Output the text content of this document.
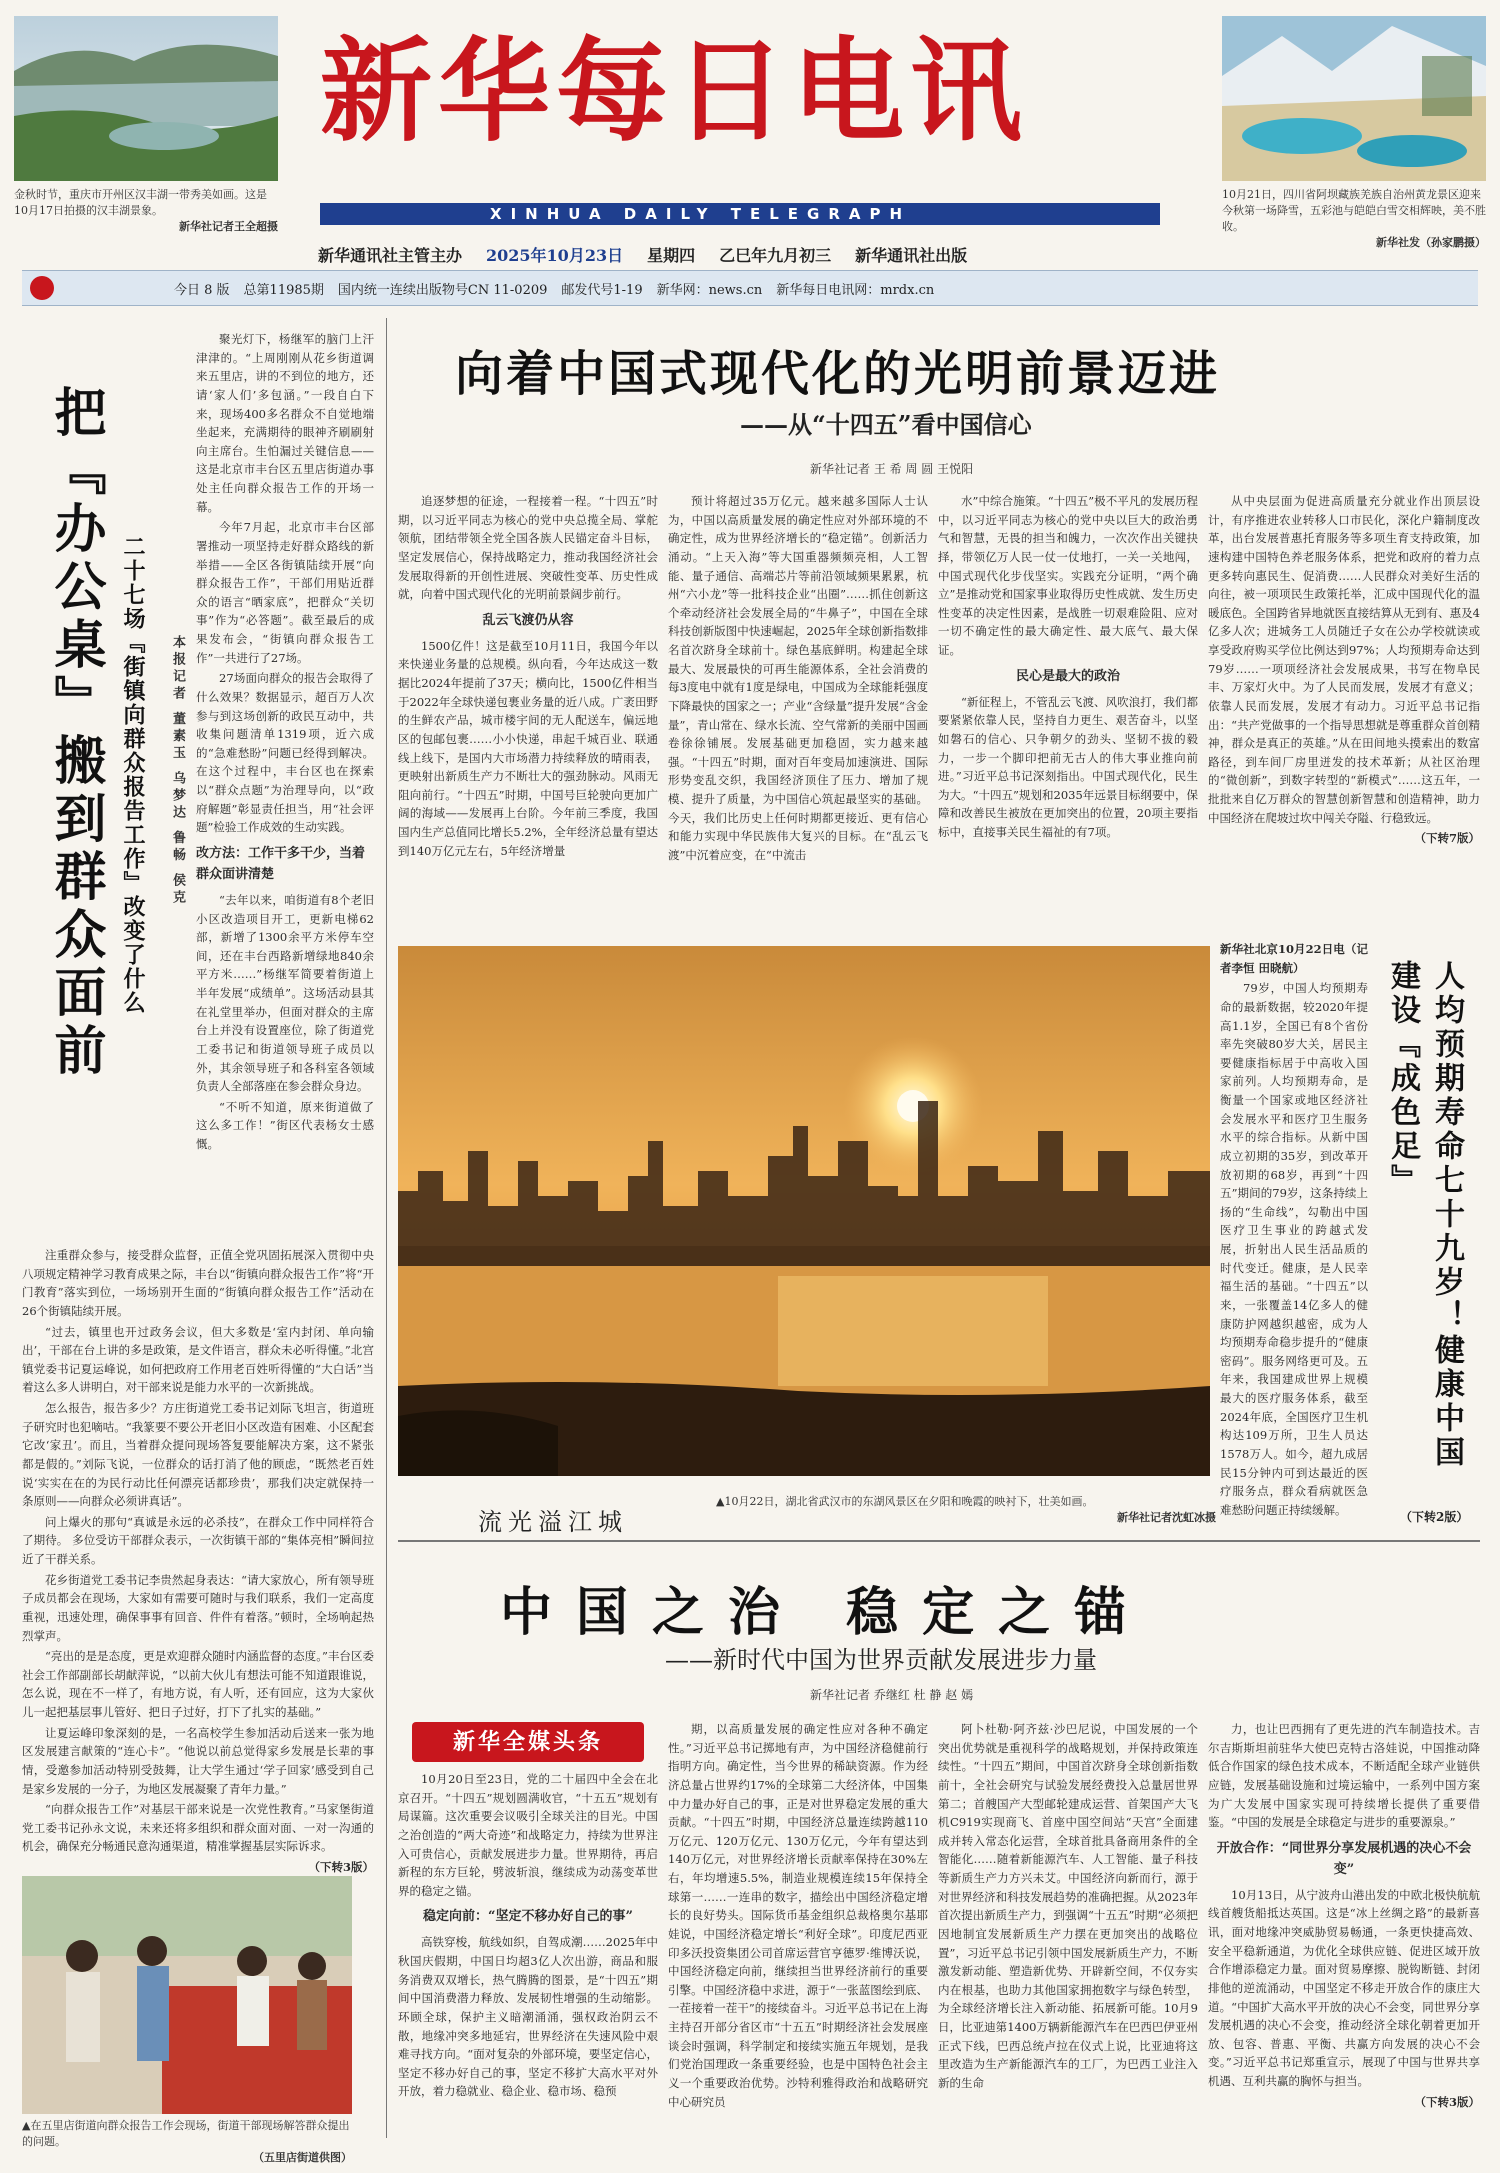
金秋时节，重庆市开州区汉丰湖一带秀美如画。这是10月17日拍摄的汉丰湖景象。
新华社记者王全超摄
10月21日，四川省阿坝藏族羌族自治州黄龙景区迎来今秋第一场降雪，五彩池与皑皑白雪交相辉映，美不胜收。
新华社发（孙家鹏摄）
新华每日电讯
XINHUA DAILY TELEGRAPH
新华通讯社主管主办 2025年10月23日 星期四 乙巳年九月初三 新华通讯社出版
今日 8 版 总第11985期 国内统一连续出版物号CN 11-0209 邮发代号1-19 新华网：news.cn 新华每日电讯网：mrdx.cn
把『办公桌』搬到群众面前 二十七场『街镇向群众报告工作』改变了什么 本报记者 董素玉 乌梦达 鲁畅 侯克

聚光灯下，杨继军的脑门上汗津津的。“上周刚刚从花乡街道调来五里店，讲的不到位的地方，还请‘家人们’多包涵。”一段自白下来，现场400多名群众不自觉地端坐起来，充满期待的眼神齐刷刷射向主席台。生怕漏过关键信息——这是北京市丰台区五里店街道办事处主任向群众报告工作的开场一幕。

今年7月起，北京市丰台区部署推动一项坚持走好群众路线的新举措——全区各街镇陆续开展“向群众报告工作”，干部们用贴近群众的语言“晒家底”，把群众“关切事”作为“必答题”。截至最后的成果发布会，“街镇向群众报告工作”一共进行了27场。

27场面向群众的报告会取得了什么效果？数据显示，超百万人次参与到这场创新的政民互动中，共收集问题清单1319项，近六成的“急难愁盼”问题已经得到解决。在这个过程中，丰台区也在探索以“群众点题”为治理导向，以“政府解题”彰显责任担当，用“社会评题”检验工作成效的生动实践。

改方法：工作干多干少，当着群众面讲清楚

“去年以来，咱街道有8个老旧小区改造项目开工，更新电梯62部，新增了1300余平方米停车空间，还在丰台西路新增绿地840余平方米……”杨继军简要着街道上半年发展“成绩单”。这场活动县其在礼堂里举办，但面对群众的主席台上并没有设置座位，除了街道党工委书记和街道领导班子成员以外，其余领导班子和各科室各领域负责人全部落座在参会群众身边。

“不听不知道，原来街道做了这么多工作！”街区代表杨女士感慨。

注重群众参与，接受群众监督，正值全党巩固拓展深入贯彻中央八项规定精神学习教育成果之际，丰台以“街镇向群众报告工作”将“开门教育”落实到位，一场场别开生面的“街镇向群众报告工作”活动在26个街镇陆续开展。

“过去，镇里也开过政务会议，但大多数是‘室内封闭、单向输出’，干部在台上讲的多是政策，是文件语言，群众未必听得懂。”北宫镇党委书记夏运峰说，如何把政府工作用老百姓听得懂的“大白话”当着这么多人讲明白，对干部来说是能力水平的一次新挑战。

怎么报告，报告多少？方庄街道党工委书记刘际飞坦言，街道班子研究时也犯嘀咕。“我篆要不要公开老旧小区改造有困难、小区配套它改‘家丑’。而且，当着群众提问现场答复要能解决方案，这不紧张都是假的。”刘际飞说，一位群众的话打消了他的顾虑，“既然老百姓说‘实实在在的为民行动比任何漂亮话都珍贵’，那我们决定就保持一条原则——向群众必须讲真话”。

问上爆火的那句“真诚是永远的必杀技”，在群众工作中同样符合了期待。 多位受访干部群众表示，一次街镇干部的“集体亮相”瞬间拉近了干群关系。

花乡街道党工委书记李贵然起身表达：“请大家放心，所有领导班子成员都会在现场，大家如有需要可随时与我们联系，我们一定高度重视，迅速处理，确保事事有回音、件件有着落。”顿时，全场响起热烈掌声。

“亮出的是是态度，更是欢迎群众随时内涵监督的态度。”丰台区委社会工作部副部长胡献萍说，“以前大伙儿有想法可能不知道跟谁说，怎么说，现在不一样了，有地方说，有人听，还有回应，这为大家伙儿一起把基层事儿管好、把日子过好，打下了扎实的基础。”

让夏运峰印象深刻的是，一名高校学生参加活动后送来一张为地区发展建言献策的“连心卡”。“他说以前总觉得家乡发展是长辈的事情，受邀参加活动特别受鼓舞，让大学生通过‘学子回家’感受到自己是家乡发展的一分子，为地区发展凝聚了青年力量。”

“向群众报告工作”对基层干部来说是一次党性教育。”马家堡街道党工委书记孙永文说，未来还将多组织和群众面对面、一对一沟通的机会，确保充分畅通民意沟通渠道，精准掌握基层实际诉求。

（下转3版）
▲在五里店街道向群众报告工作会现场，街道干部现场解答群众提出的问题。
（五里店街道供图）
向着中国式现代化的光明前景迈进
——从“十四五”看中国信心
新华社记者 王 希 周 圆 王悦阳

追逐梦想的征途，一程接着一程。“十四五”时期，以习近平同志为核心的党中央总揽全局、掌舵领航，团结带领全党全国各族人民锚定奋斗目标，坚定发展信心，保持战略定力，推动我国经济社会发展取得新的开创性进展、突破性变革、历史性成就，向着中国式现代化的光明前景阔步前行。

乱云飞渡仍从容

1500亿件！这是截至10月11日，我国今年以来快递业务量的总规模。纵向看，今年达成这一数据比2024年提前了37天；横向比，1500亿件相当于2022年全球快递包裹业务量的近八成。广袤田野的生鲜农产品，城市楼宇间的无人配送车，偏远地区的包邮包裹……小小快递，串起千城百业、联通线上线下，是国内大市场潜力持续释放的晴雨表，更映射出新质生产力不断壮大的强劲脉动。风雨无阻向前行。“十四五”时期，中国号巨轮驶向更加广阔的海域——发展再上台阶。今年前三季度，我国国内生产总值同比增长5.2%，全年经济总量有望达到140万亿元左右，5年经济增量

预计将超过35万亿元。越来越多国际人士认为，中国以高质量发展的确定性应对外部环境的不确定性，成为世界经济增长的“稳定锚”。创新活力涌动。“上天入海”等大国重器频频亮相，人工智能、量子通信、高端芯片等前沿领域频果累累，杭州“六小龙”等一批科技企业“出圈”……抓住创新这个牵动经济社会发展全局的“牛鼻子”，中国在全球科技创新版图中快速崛起，2025年全球创新指数排名首次跻身全球前十。绿色基底鲜明。构建起全球最大、发展最快的可再生能源体系，全社会消费的每3度电中就有1度是绿电，中国成为全球能耗强度下降最快的国家之一；产业“含绿量”提升发展“含金量”，青山常在、绿水长流、空气常新的美丽中国画卷徐徐铺展。发展基础更加稳固，实力越来越强。“十四五”时期，面对百年变局加速演进、国际形势变乱交织，我国经济顶住了压力、增加了规模、提升了质量，为中国信心筑起最坚实的基础。今天，我们比历史上任何时期都更接近、更有信心和能力实现中华民族伟大复兴的目标。在“乱云飞渡”中沉着应变，在“中流击

水”中综合施策。“十四五”极不平凡的发展历程中，以习近平同志为核心的党中央以巨大的政治勇气和智慧，无畏的担当和魄力，一次次作出关键抉择，带领亿万人民一仗一仗地打，一关一关地闯，中国式现代化步伐坚实。实践充分证明，“两个确立”是推动党和国家事业取得历史性成就、发生历史性变革的决定性因素，是战胜一切艰难险阻、应对一切不确定性的最大确定性、最大底气、最大保证。

民心是最大的政治

“新征程上，不管乱云飞渡、风吹浪打，我们都要紧紧依靠人民，坚持自力更生、艰苦奋斗，以坚如磐石的信心、只争朝夕的劲头、坚韧不拔的毅力，一步一个脚印把前无古人的伟大事业推向前进。”习近平总书记深刻指出。中国式现代化，民生为大。“十四五”规划和2035年远景目标纲要中，保障和改善民生被放在更加突出的位置，20项主要指标中，直接事关民生福祉的有7项。

从中央层面为促进高质量充分就业作出顶层设计，有序推进农业转移人口市民化，深化户籍制度改革，出台发展普惠托育服务等多项生育支持政策，加速构建中国特色养老服务体系，把党和政府的着力点更多转向惠民生、促消费……人民群众对美好生活的向往，被一项项民生政策托举，汇成中国现代化的温暖底色。全国跨省异地就医直接结算从无到有、惠及4亿多人次；进城务工人员随迁子女在公办学校就读或享受政府购买学位比例达到97%；人均预期寿命达到79岁……一项项经济社会发展成果，书写在物阜民丰、万家灯火中。为了人民而发展，发展才有意义；依靠人民而发展，发展才有动力。习近平总书记指出：“共产党做事的一个指导思想就是尊重群众首创精神，群众是真正的英雄。”从在田间地头摸索出的数富路径，到车间厂房里迸发的技术革新；从社区治理的“微创新”，到数字转型的“新模式”……这五年，一批批来自亿万群众的智慧创新智慧和创造精神，助力中国经济在爬坡过坎中闯关夺隘、行稳致远。

（下转7版）
流光溢江城
▲10月22日，湖北省武汉市的东湖风景区在夕阳和晚霞的映衬下，壮美如画。
新华社记者沈虹冰摄

新华社北京10月22日电（记者李恒 田晓航）

79岁，中国人均预期寿命的最新数据，较2020年提高1.1岁，全国已有8个省份率先突破80岁大关，居民主要健康指标居于中高收入国家前列。人均预期寿命，是衡量一个国家或地区经济社会发展水平和医疗卫生服务水平的综合指标。从新中国成立初期的35岁，到改革开放初期的68岁，再到“十四五”期间的79岁，这条持续上扬的“生命线”，勾勒出中国医疗卫生事业的跨越式发展，折射出人民生活品质的时代变迁。健康，是人民幸福生活的基础。“十四五”以来，一张覆盖14亿多人的健康防护网越织越密，成为人均预期寿命稳步提升的“健康密码”。服务网络更可及。五年来，我国建成世界上规模最大的医疗服务体系，截至2024年底，全国医疗卫生机构达109万所，卫生人员达1578万人。如今，超九成居民15分钟内可到达最近的医疗服务点，群众看病就医急难愁盼问题正持续缓解。

人均预期寿命七十九岁！健康中国建设『成色足』
（下转2版）
中国之治 稳定之锚
——新时代中国为世界贡献发展进步力量
新华社记者 乔继红 杜 静 赵 嫣
新华全媒头条

10月20日至23日，党的二十届四中全会在北京召开。“十四五”规划圆满收官，“十五五”规划有局谋篇。这次重要会议吸引全球关注的目光。中国之治创造的“两大奇迹”和战略定力，持续为世界注入可贵信心，贡献发展进步力量。世界期待，再启新程的东方巨轮，劈波斩浪，继续成为动荡变革世界的稳定之锚。

稳定向前：“坚定不移办好自己的事”

高铁穿梭，航线如织，自驾成潮……2025年中秋国庆假期，中国日均超3亿人次出游，商品和服务消费双双增长，热气腾腾的图景，是“十四五”期间中国消费潜力释放、发展韧性增强的生动缩影。环顾全球，保护主义暗潮涌涌，强权政治阴云不散，地缘冲突多地延宕，世界经济在失速风险中艰难寻找方向。“面对复杂的外部环境，要坚定信心，坚定不移办好自己的事，坚定不移扩大高水平对外开放，着力稳就业、稳企业、稳市场、稳预

期，以高质量发展的确定性应对各种不确定性。”习近平总书记掷地有声，为中国经济稳健前行指明方向。确定性，当今世界的稀缺资源。作为经济总量占世界约17%的全球第二大经济体，中国集中力量办好自己的事，正是对世界稳定发展的重大贡献。“十四五”时期，中国经济总量连续跨越110万亿元、120万亿元、130万亿元，今年有望达到140万亿元，对世界经济增长贡献率保持在30%左右，年均增速5.5%，制造业规模连续15年保持全球第一……一连串的数字，描绘出中国经济稳定增长的良好势头。国际货币基金组织总裁格奥尔基耶娃说，中国经济稳定增长“利好全球”。印度尼西亚印多沃投资集团公司首席运营官亨德罗·维博沃说，中国经济稳定向前，继续担当世界经济前行的重要引擎。中国经济稳中求进，源于“一张蓝图绘到底、一茬接着一茬干”的接续奋斗。习近平总书记在上海主持召开部分省区市“十五五”时期经济社会发展座谈会时强调，科学制定和接续实施五年规划，是我们党治国理政一条重要经验，也是中国特色社会主义一个重要政治优势。沙特利雅得政治和战略研究中心研究员

阿卜杜勒·阿齐兹·沙巴尼说，中国发展的一个突出优势就是重视科学的战略规划，并保持政策连续性。“十四五”期间，中国首次跻身全球创新指数前十，全社会研究与试验发展经费投入总量居世界第二；首艘国产大型邮轮建成运营、首架国产大飞机C919实现商飞、首座中国空间站“天宫”全面建成并转入常态化运营，全球首批具备商用条件的全智能化……随着新能源汽车、人工智能、量子科技等新质生产力方兴未艾。中国经济向新而行，源于对世界经济和科技发展趋势的准确把握。从2023年首次提出新质生产力，到强调“十五五”时期“必须把因地制宜发展新质生产力摆在更加突出的战略位置”，习近平总书记引领中国发展新质生产力，不断激发新动能、塑造新优势、开辟新空间，不仅夯实内在根基，也助力其他国家拥抱数字与绿色转型，为全球经济增长注入新动能、拓展新可能。10月9日，比亚迪第1400万辆新能源汽车在巴西巴伊亚州正式下线，巴西总统卢拉在仪式上说，比亚迪将这里改造为生产新能源汽车的工厂，为巴西工业注入新的生命

力，也让巴西拥有了更先进的汽车制造技术。吉尔吉斯斯坦前驻华大使巴克特古洛娃说，中国推动降低合作国家的绿色技术成本，不断适配全球产业链供应链，发展基础设施和过境运输中，一系列中国方案为广大发展中国家实现可持续增长提供了重要借鉴。“中国的发展是全球稳定与进步的重要源泉。”

开放合作：“同世界分享发展机遇的决心不会变”

10月13日，从宁波舟山港出发的中欧北极快航航线首艘货船抵达英国。这是“冰上丝绸之路”的最新喜讯，面对地缘冲突威胁贸易畅通，一条更快捷高效、安全平稳新通道，为优化全球供应链、促进区域开放合作增添稳定力量。面对贸易摩擦、脱钩断链、封闭排他的逆流涌动，中国坚定不移走开放合作的康庄大道。“中国扩大高水平开放的决心不会变，同世界分享发展机遇的决心不会变，推动经济全球化朝着更加开放、包容、普惠、平衡、共赢方向发展的决心不会变。”习近平总书记郑重宣示，展现了中国与世界共享机遇、互利共赢的胸怀与担当。

（下转3版）
